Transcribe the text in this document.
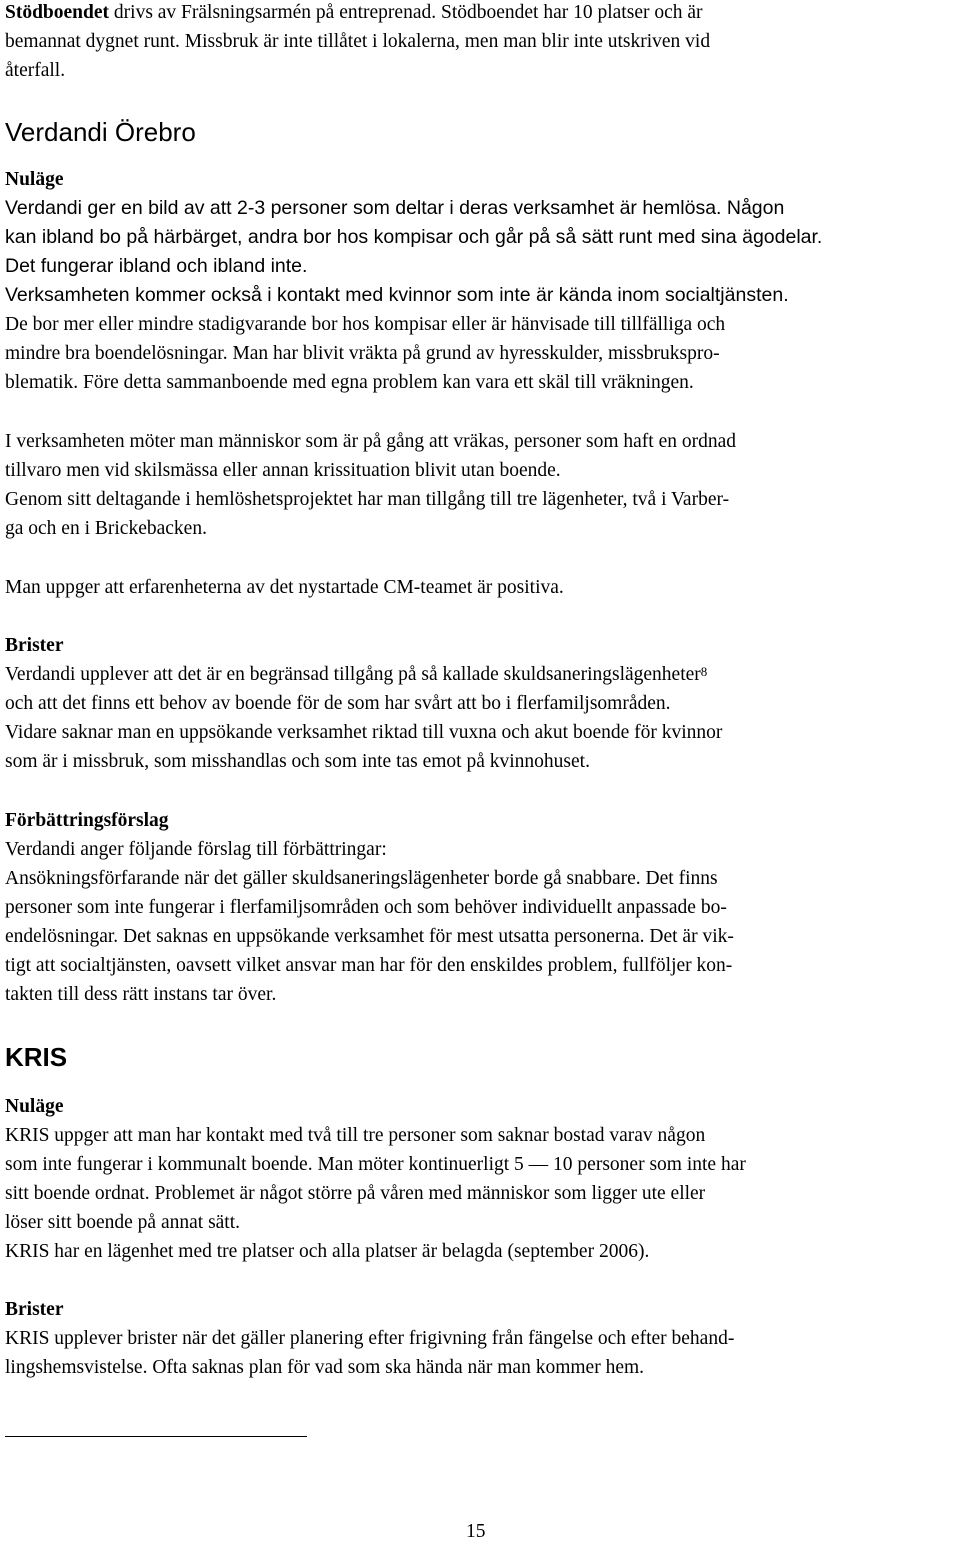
Stödboendet drivs av Frälsningsarmén på entreprenad. Stödboendet har 10 platser och är
bemannat dygnet runt. Missbruk är inte tillåtet i lokalerna, men man blir inte utskriven vid
återfall.
Verdandi Örebro
Nuläge
Verdandi ger en bild av att 2-3 personer som deltar i deras verksamhet är hemlösa. Någon
kan ibland bo på härbärget, andra bor hos kompisar och går på så sätt runt med sina ägodelar.
Det fungerar ibland och ibland inte.
Verksamheten kommer också i kontakt med kvinnor som inte är kända inom socialtjänsten.
De bor mer eller mindre stadigvarande bor hos kompisar eller är hänvisade till tillfälliga och
mindre bra boendelösningar. Man har blivit vräkta på grund av hyresskulder, missbrukspro-
blematik. Före detta sammanboende med egna problem kan vara ett skäl till vräkningen.
I verksamheten möter man människor som är på gång att vräkas, personer som haft en ordnad
tillvaro men vid skilsmässa eller annan krissituation blivit utan boende.
Genom sitt deltagande i hemlöshetsprojektet har man tillgång till tre lägenheter, två i Varber-
ga och en i Brickebacken.
Man uppger att erfarenheterna av det nystartade CM-teamet är positiva.
Brister
Verdandi upplever att det är en begränsad tillgång på så kallade skuldsaneringslägenheter$^8$
och att det finns ett behov av boende för de som har svårt att bo i flerfamiljsområden.
Vidare saknar man en uppsökande verksamhet riktad till vuxna och akut boende för kvinnor
som är i missbruk, som misshandlas och som inte tas emot på kvinnohuset.
Förbättringsförslag
Verdandi anger följande förslag till förbättringar:
Ansökningsförfarande när det gäller skuldsaneringslägenheter borde gå snabbare. Det finns
personer som inte fungerar i flerfamiljsområden och som behöver individuellt anpassade bo-
endelösningar. Det saknas en uppsökande verksamhet för mest utsatta personerna. Det är vik-
tigt att socialtjänsten, oavsett vilket ansvar man har för den enskildes problem, fullföljer kon-
takten till dess rätt instans tar över.
KRIS
Nuläge
KRIS uppger att man har kontakt med två till tre personer som saknar bostad varav någon
som inte fungerar i kommunalt boende. Man möter kontinuerligt 5 — 10 personer som inte har
sitt boende ordnat. Problemet är något större på våren med människor som ligger ute eller
löser sitt boende på annat sätt.
KRIS har en lägenhet med tre platser och alla platser är belagda (september 2006).
Brister
KRIS upplever brister när det gäller planering efter frigivning från fängelse och efter behand-
lingshemsvistelse. Ofta saknas plan för vad som ska hända när man kommer hem.
15
